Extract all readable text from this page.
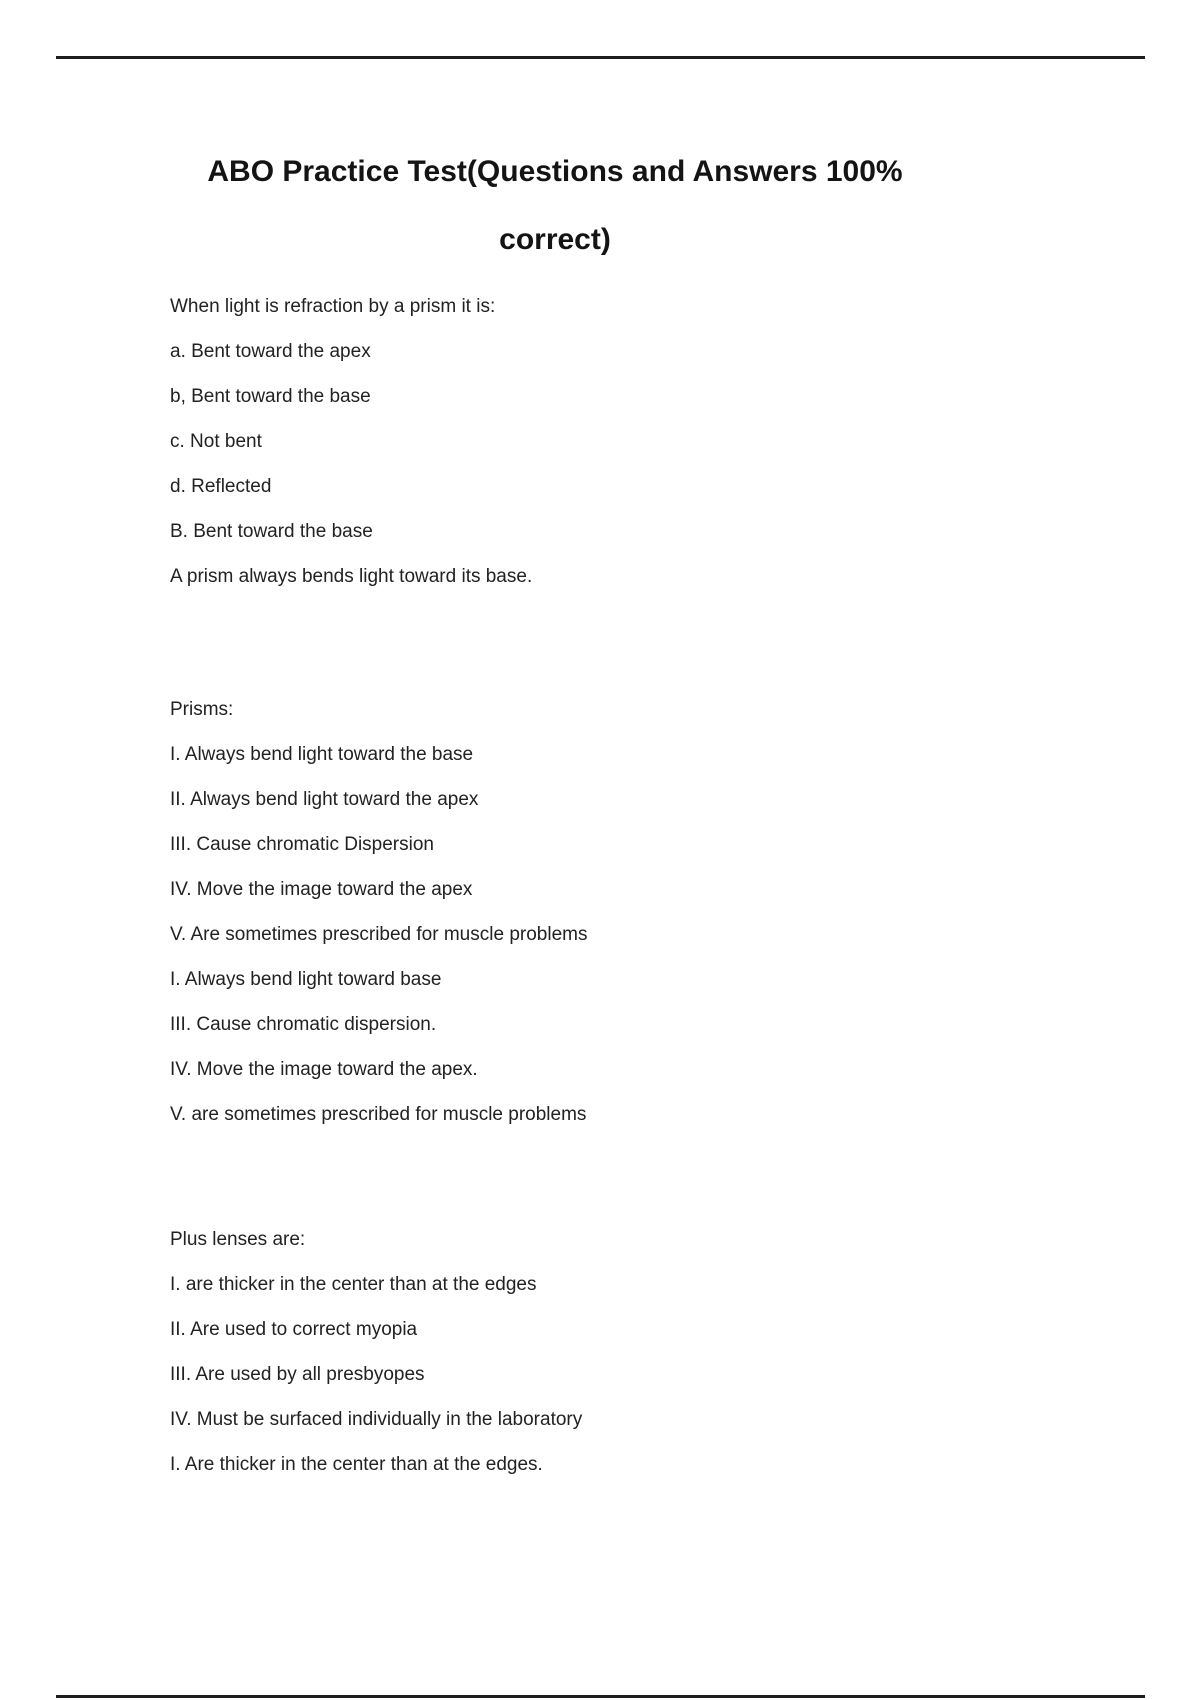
ABO Practice Test(Questions and Answers 100%
correct)

When light is refraction by a prism it is:

a. Bent toward the apex

b, Bent toward the base

c. Not bent

d. Reflected

B. Bent toward the base

A prism always bends light toward its base.

Prisms:

I. Always bend light toward the base

II. Always bend light toward the apex

III. Cause chromatic Dispersion

IV. Move the image toward the apex

V. Are sometimes prescribed for muscle problems

I. Always bend light toward base

III. Cause chromatic dispersion.

IV. Move the image toward the apex.

V. are sometimes prescribed for muscle problems

Plus lenses are:

I. are thicker in the center than at the edges

II. Are used to correct myopia

III. Are used by all presbyopes

IV. Must be surfaced individually in the laboratory

I. Are thicker in the center than at the edges.
